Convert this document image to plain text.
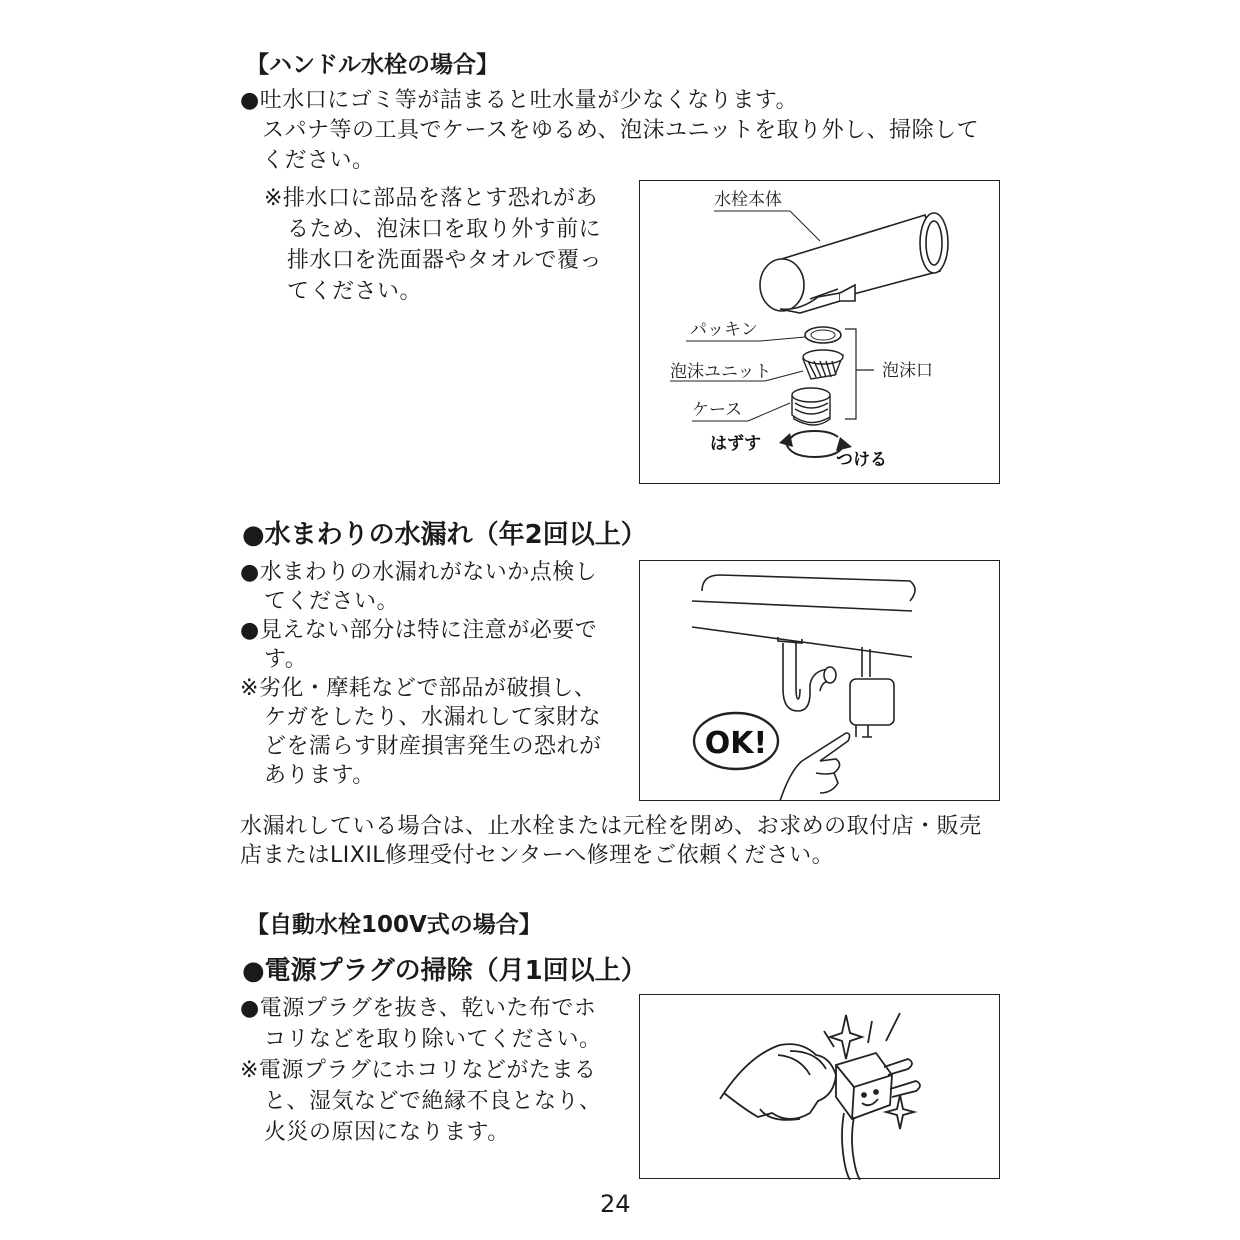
【ハンドル水栓の場合】
●吐水口にゴミ等が詰まると吐水量が少なくなります。
スパナ等の工具でケースをゆるめ、泡沫ユニットを取り外し、掃除して
ください。
※排水口に部品を落とす恐れがあ
るため、泡沫口を取り外す前に
排水口を洗面器やタオルで覆っ
てください。
水栓本体
パッキン
泡沫ユニット
ケース
泡沫口
はずす
つける
●水まわりの水漏れ（年2回以上）
●水まわりの水漏れがないか点検し
てください。
●見えない部分は特に注意が必要で
す。
※劣化・摩耗などで部品が破損し、
ケガをしたり、水漏れして家財な
どを濡らす財産損害発生の恐れが
あります。
OK!
水漏れしている場合は、止水栓または元栓を閉め、お求めの取付店・販売
店またはLIXIL修理受付センターへ修理をご依頼ください。
【自動水栓100V式の場合】
●電源プラグの掃除（月1回以上）
●電源プラグを抜き、乾いた布でホ
コリなどを取り除いてください。
※電源プラグにホコリなどがたまる
と、湿気などで絶縁不良となり、
火災の原因になります。
24
